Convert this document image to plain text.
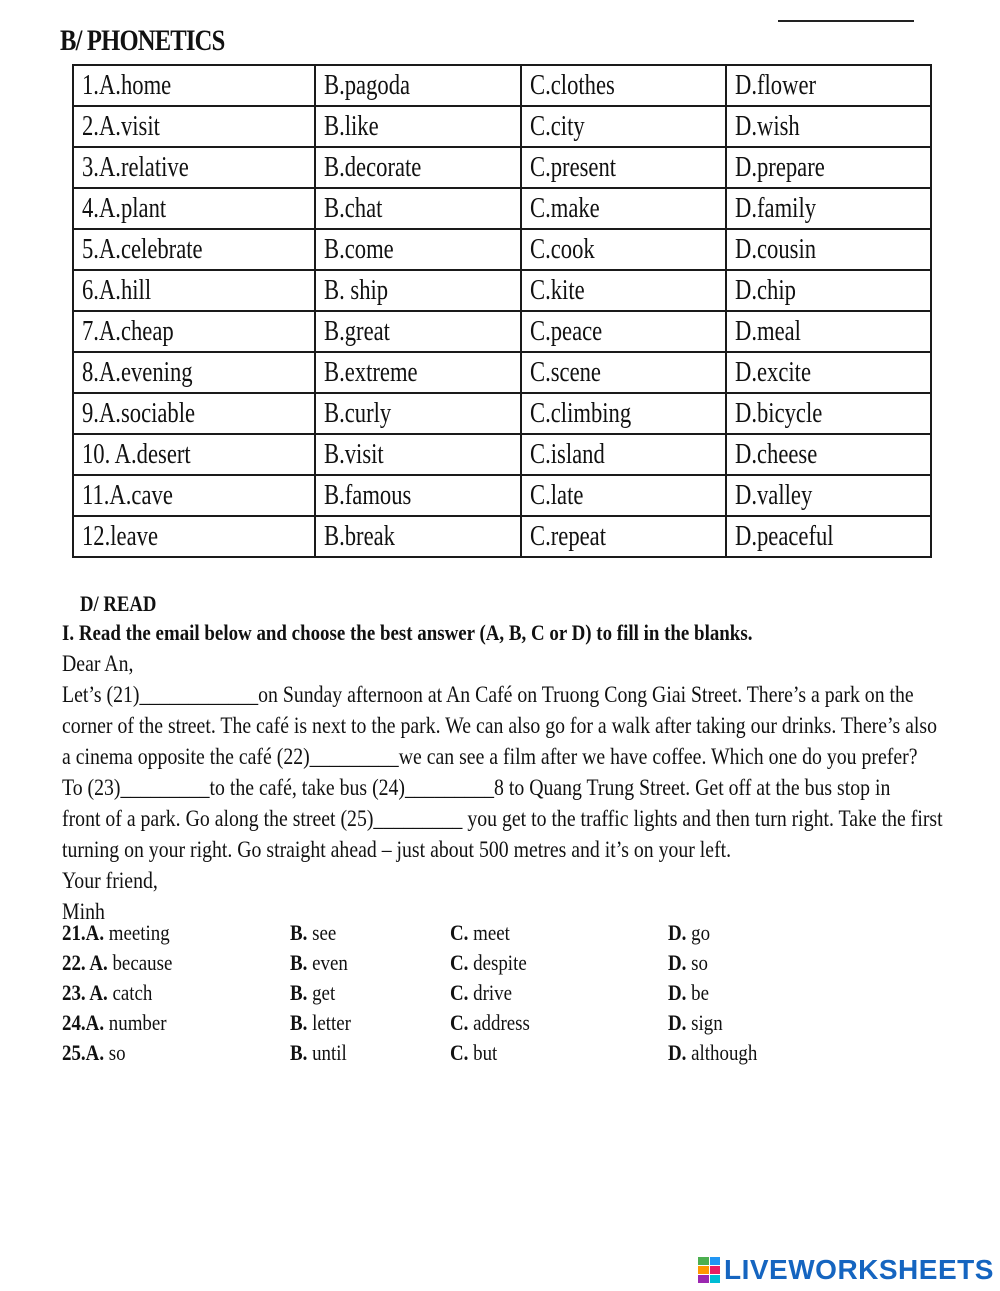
B/ PHONETICS
1.A.home	B.pagoda	C.clothes	D.flower
2.A.visit	B.like	C.city	D.wish
3.A.relative	B.decorate	C.present	D.prepare
4.A.plant	B.chat	C.make	D.family
5.A.celebrate	B.come	C.cook	D.cousin
6.A.hill	B. ship	C.kite	D.chip
7.A.cheap	B.great	C.peace	D.meal
8.A.evening	B.extreme	C.scene	D.excite
9.A.sociable	B.curly	C.climbing	D.bicycle
10. A.desert	B.visit	C.island	D.cheese
11.A.cave	B.famous	C.late	D.valley
12.leave	B.break	C.repeat	D.peaceful
D/ READ
I. Read the email below and choose the best answer (A, B, C or D) to fill in the blanks.

Dear An,

Let’s (21)____________on Sunday afternoon at An Café on Truong Cong Giai Street. There’s a park on the

corner of the street. The café is next to the park. We can also go for a walk after taking our drinks. There’s also

a cinema opposite the café (22)_________we can see a film after we have coffee. Which one do you prefer?

To (23)_________to the café, take bus (24)_________8 to Quang Trung Street. Get off at the bus stop in

front of a park. Go along the street (25)_________ you get to the traffic lights and then turn right. Take the first

turning on your right. Go straight ahead – just about 500 metres and it’s on your left.

Your friend,

Minh

21.A. meeting	B. see	C. meet	D. go
22. A. because	B. even	C. despite	D. so
23. A. catch	B. get	C. drive	D. be
24.A. number	B. letter	C. address	D. sign
25.A. so	B. until	C. but	D. although
LIVEWORKSHEETS
